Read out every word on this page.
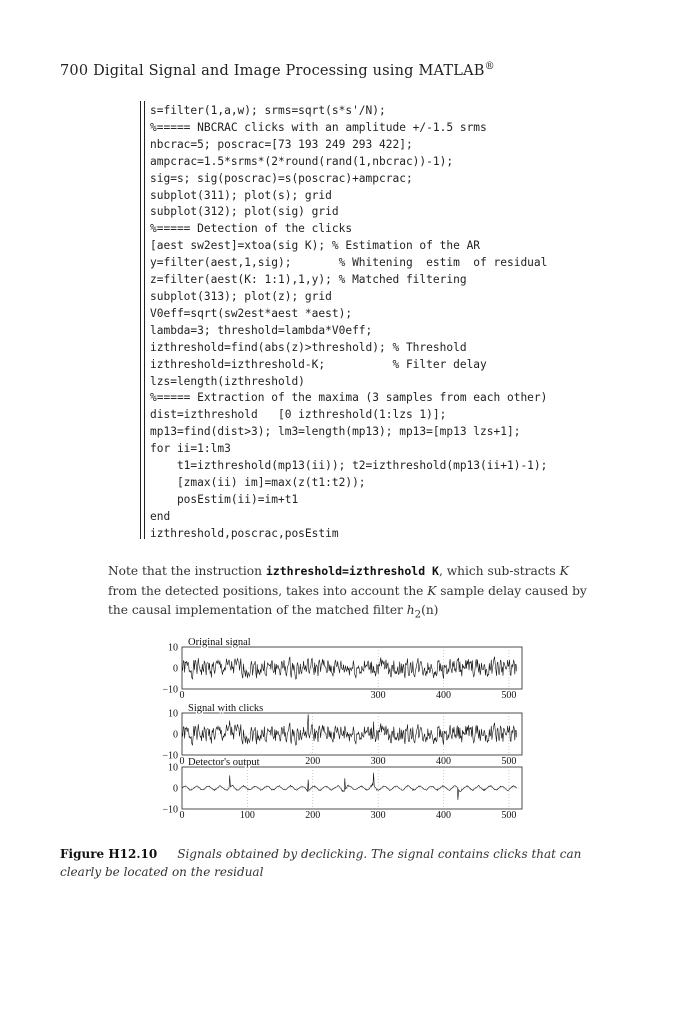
700 Digital Signal and Image Processing using MATLAB®
s=filter(1,a,w); srms=sqrt(s*s'/N);
%===== NBCRAC clicks with an amplitude +/-1.5 srms
nbcrac=5; poscrac=[73 193 249 293 422];
ampcrac=1.5*srms*(2*round(rand(1,nbcrac))-1);
sig=s; sig(poscrac)=s(poscrac)+ampcrac;
subplot(311); plot(s); grid
subplot(312); plot(sig) grid
%===== Detection of the clicks
[aest sw2est]=xtoa(sig K); % Estimation of the AR
y=filter(aest,1,sig);       % Whitening  estim  of residual
z=filter(aest(K: 1:1),1,y); % Matched filtering
subplot(313); plot(z); grid
V0eff=sqrt(sw2est*aest *aest);
lambda=3; threshold=lambda*V0eff;
izthreshold=find(abs(z)>threshold); % Threshold
izthreshold=izthreshold-K;          % Filter delay
lzs=length(izthreshold)
%===== Extraction of the maxima (3 samples from each other)
dist=izthreshold   [0 izthreshold(1:lzs 1)];
mp13=find(dist>3); lm3=length(mp13); mp13=[mp13 lzs+1];
for ii=1:lm3
t1=izthreshold(mp13(ii)); t2=izthreshold(mp13(ii+1)-1);
[zmax(ii) im]=max(z(t1:t2));
posEstim(ii)=im+t1
end
izthreshold,poscrac,posEstim
Note that the instruction izthreshold=izthreshold K, which sub-stracts K from the detected positions, takes into account the K sample delay caused by the causal implementation of the matched filter $h_2(n)$
Original signal
10
0
−10 0	300	400	500
Signal with clicks
10
0
−10 0	200	300	400	500
Detector's output
10
0
−10 0	100	200	300	400	500
Figure H12.10 Signals obtained by declicking. The signal contains clicks that can clearly be located on the residual
